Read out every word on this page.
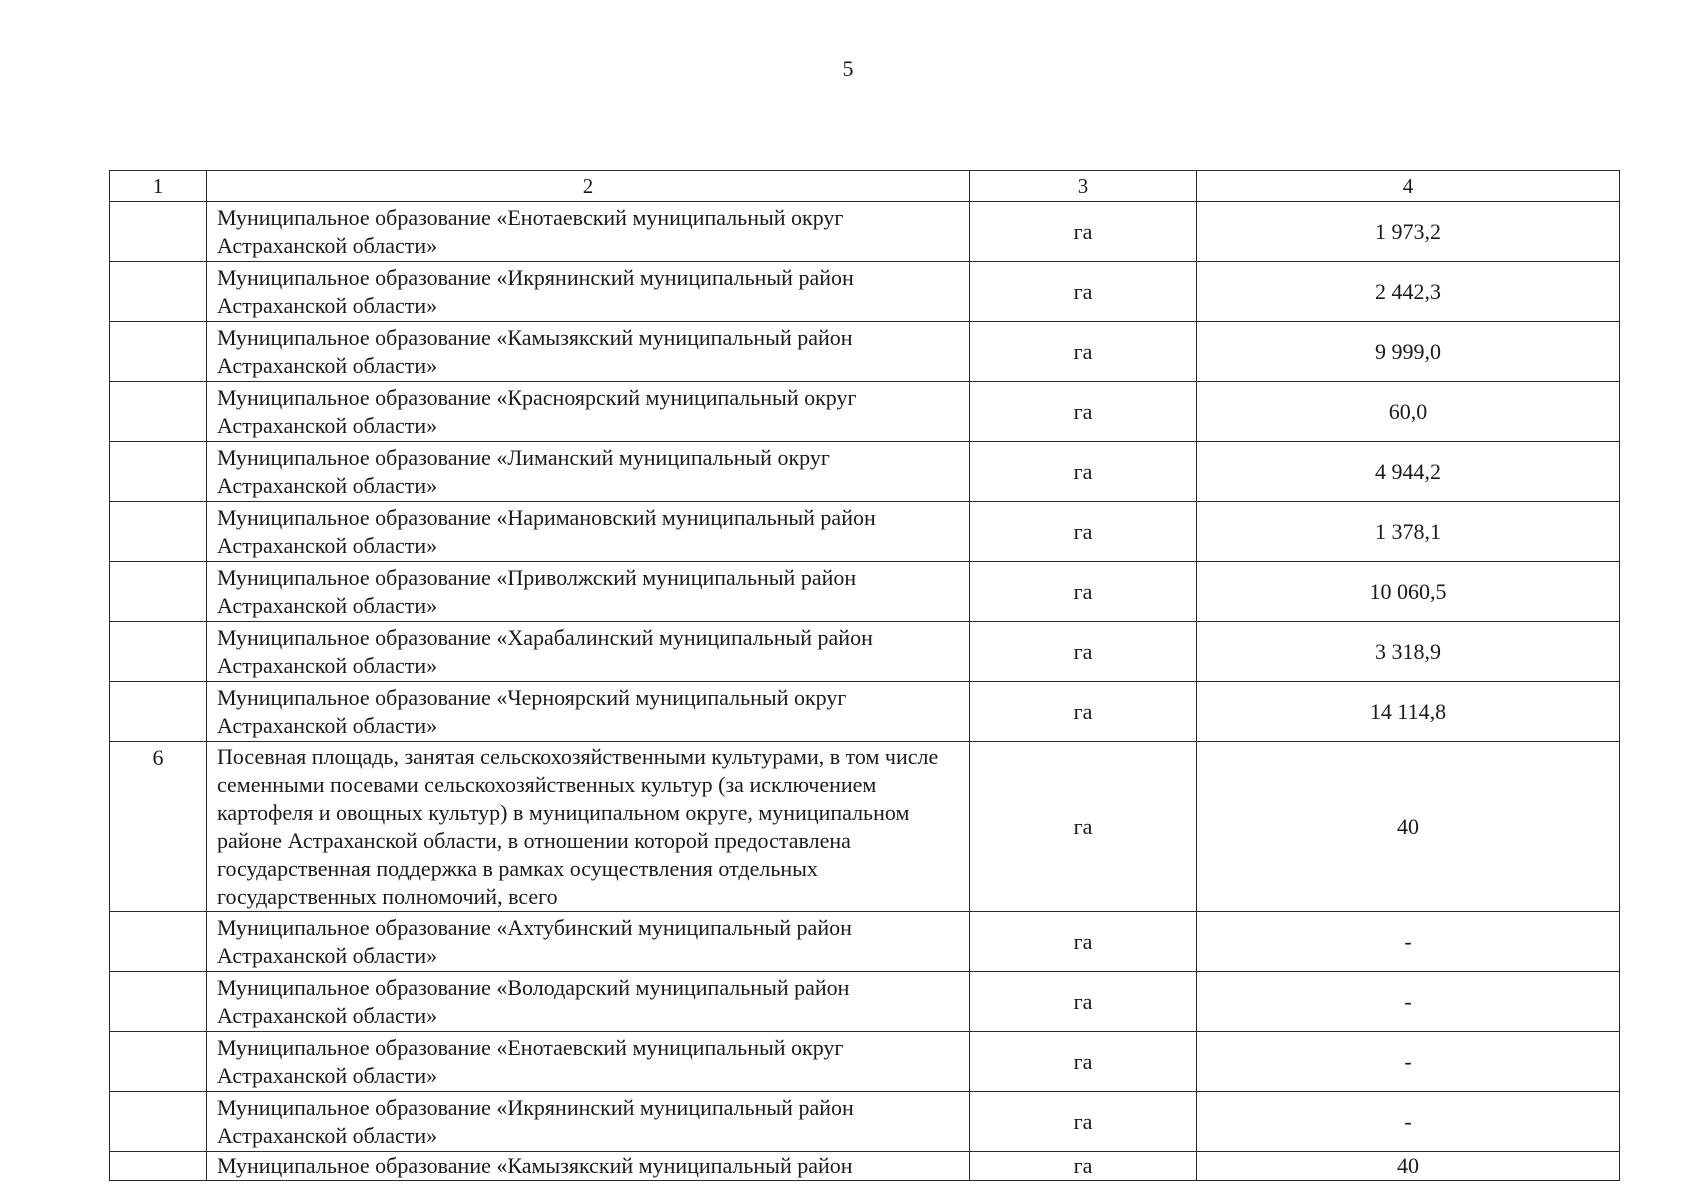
5
1	2	3	4
	Муниципальное образование «Енотаевский муниципальный округ Астраханской области»	га	1 973,2
	Муниципальное образование «Икрянинский муниципальный район Астраханской области»	га	2 442,3
	Муниципальное образование «Камызякский муниципальный район Астраханской области»	га	9 999,0
	Муниципальное образование «Красноярский муниципальный округ Астраханской области»	га	60,0
	Муниципальное образование «Лиманский муниципальный округ Астраханской области»	га	4 944,2
	Муниципальное образование «Наримановский муниципальный район Астраханской области»	га	1 378,1
	Муниципальное образование «Приволжский муниципальный район Астраханской области»	га	10 060,5
	Муниципальное образование «Харабалинский муниципальный район Астраханской области»	га	3 318,9
	Муниципальное образование «Черноярский муниципальный округ Астраханской области»	га	14 114,8
6	Посевная площадь, занятая сельскохозяйственными культурами, в том числе семенными посевами сельскохозяйственных культур (за исключением картофеля и овощных культур) в муниципальном округе, муниципальном районе Астраханской области, в отношении которой предоставлена государственная поддержка в рамках осуществления отдельных государственных полномочий, всего	га	40
	Муниципальное образование «Ахтубинский муниципальный район Астраханской области»	га	-
	Муниципальное образование «Володарский муниципальный район Астраханской области»	га	-
	Муниципальное образование «Енотаевский муниципальный округ Астраханской области»	га	-
	Муниципальное образование «Икрянинский муниципальный район Астраханской области»	га	-
	Муниципальное образование «Камызякский муниципальный район	га	40
